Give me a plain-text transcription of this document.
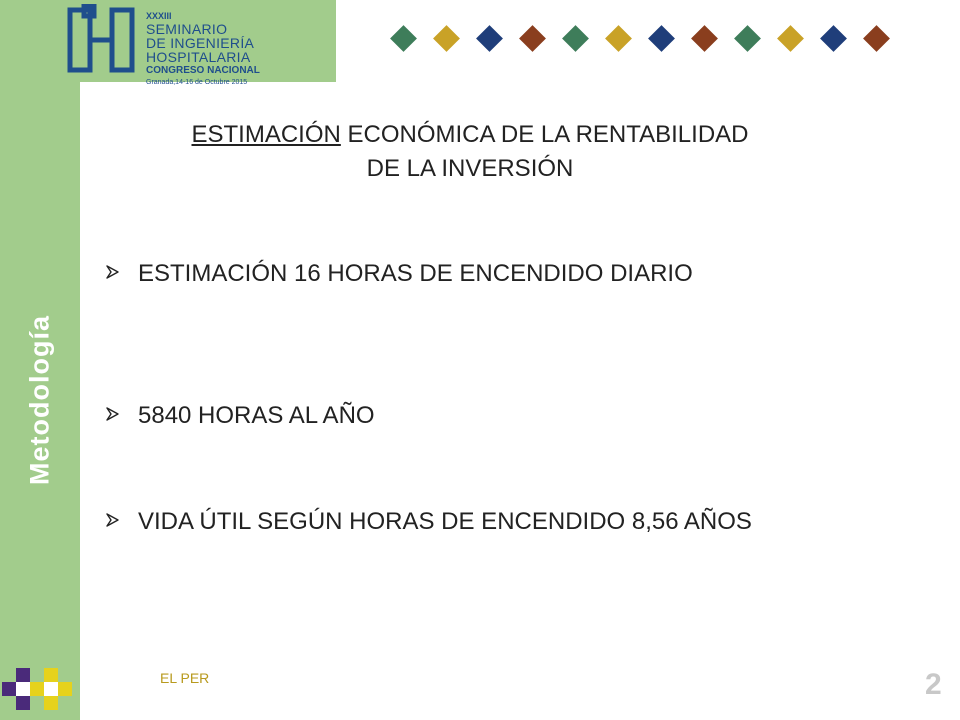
XXXIII
SEMINARIO
DE INGENIERÍA
HOSPITALARIA
CONGRESO NACIONAL
Granada,14-16 de Octubre 2015
Metodología
ESTIMACIÓN ECONÓMICA DE LA RENTABILIDAD
DE LA INVERSIÓN
ESTIMACIÓN 16 HORAS DE ENCENDIDO DIARIO
5840 HORAS AL AÑO
VIDA ÚTIL SEGÚN HORAS DE ENCENDIDO 8,56 AÑOS
EL PER	2
